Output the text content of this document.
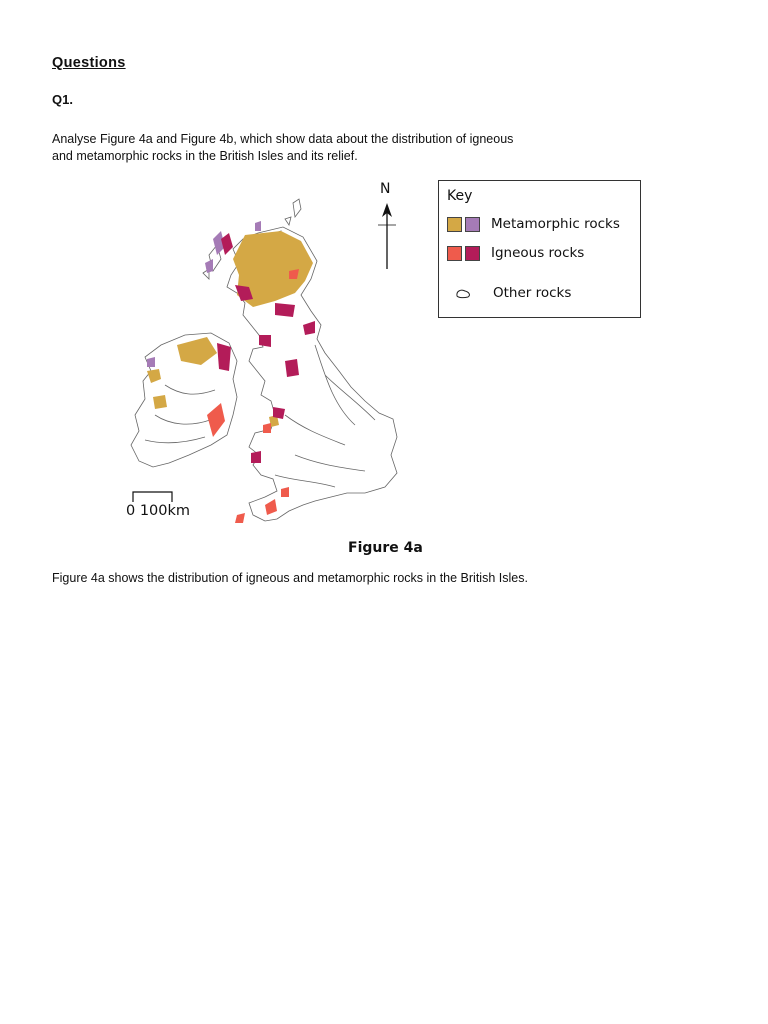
Questions
Q1.
Analyse Figure 4a and Figure 4b, which show data about the distribution of igneous
and metamorphic rocks in the British Isles and its relief.
N	Key
Metamorphic rocks
Igneous rocks
Other rocks
0 100km
Figure 4a
Figure 4a shows the distribution of igneous and metamorphic rocks in the British Isles.
